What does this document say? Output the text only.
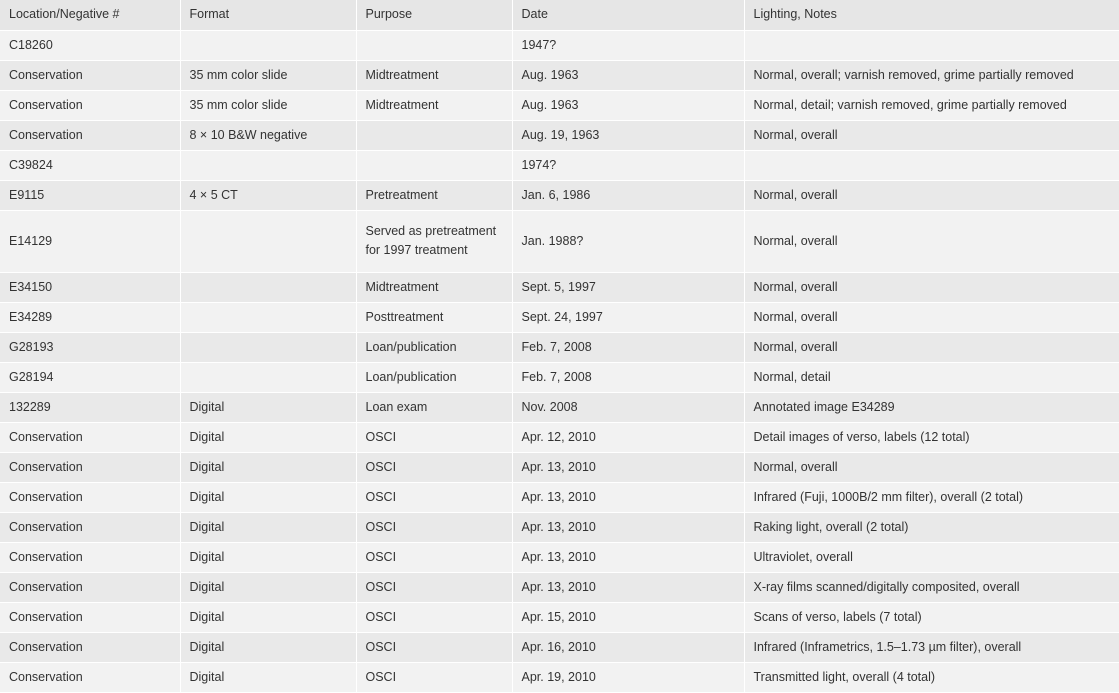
Location/Negative #	Format	Purpose	Date	Lighting, Notes
C18260			1947?	
Conservation	35 mm color slide	Midtreatment	Aug. 1963	Normal, overall; varnish removed, grime partially removed
Conservation	35 mm color slide	Midtreatment	Aug. 1963	Normal, detail; varnish removed, grime partially removed
Conservation	8 × 10 B&W negative		Aug. 19, 1963	Normal, overall
C39824			1974?	
E9115	4 × 5 CT	Pretreatment	Jan. 6, 1986	Normal, overall
E14129		Served as pretreatment for 1997 treatment	Jan. 1988?	Normal, overall
E34150		Midtreatment	Sept. 5, 1997	Normal, overall
E34289		Posttreatment	Sept. 24, 1997	Normal, overall
G28193		Loan/publication	Feb. 7, 2008	Normal, overall
G28194		Loan/publication	Feb. 7, 2008	Normal, detail
132289	Digital	Loan exam	Nov. 2008	Annotated image E34289
Conservation	Digital	OSCI	Apr. 12, 2010	Detail images of verso, labels (12 total)
Conservation	Digital	OSCI	Apr. 13, 2010	Normal, overall
Conservation	Digital	OSCI	Apr. 13, 2010	Infrared (Fuji, 1000B/2 mm filter), overall (2 total)
Conservation	Digital	OSCI	Apr. 13, 2010	Raking light, overall (2 total)
Conservation	Digital	OSCI	Apr. 13, 2010	Ultraviolet, overall
Conservation	Digital	OSCI	Apr. 13, 2010	X-ray films scanned/digitally composited, overall
Conservation	Digital	OSCI	Apr. 15, 2010	Scans of verso, labels (7 total)
Conservation	Digital	OSCI	Apr. 16, 2010	Infrared (Inframetrics, 1.5–1.73 µm filter), overall
Conservation	Digital	OSCI	Apr. 19, 2010	Transmitted light, overall (4 total)
